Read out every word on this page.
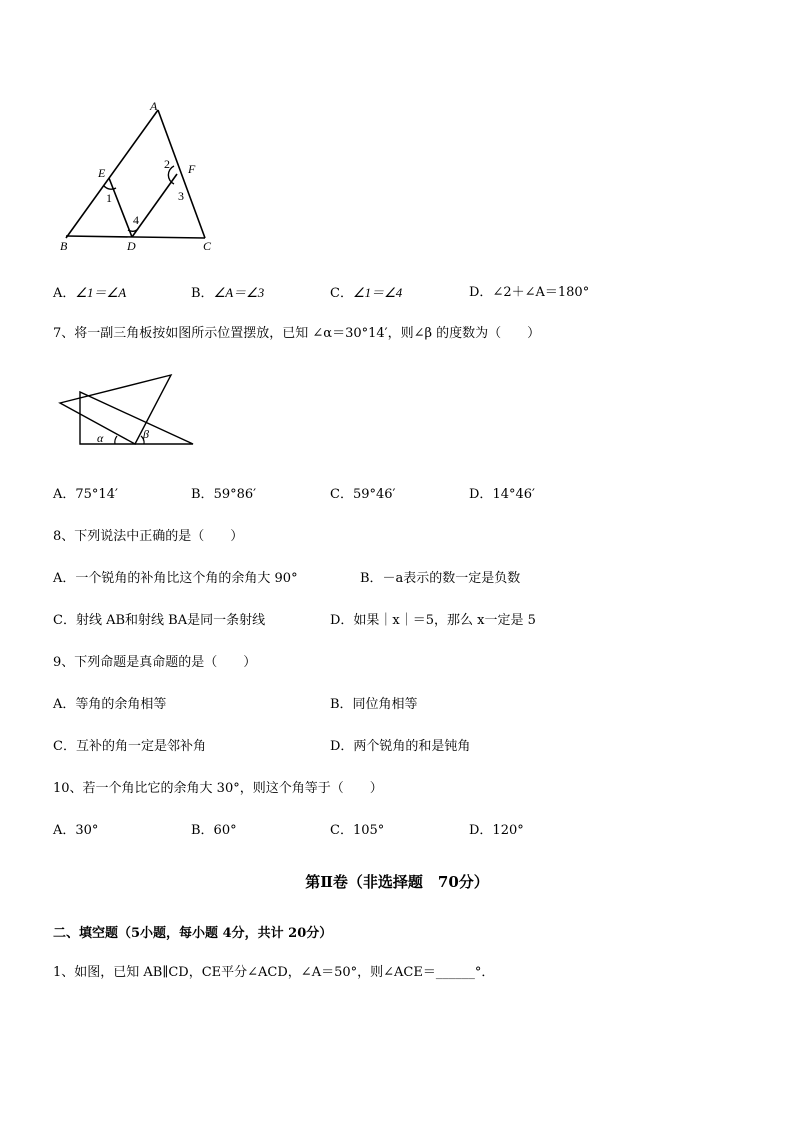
A
E	F
B	D	C
1
2
3
4
A．∠1＝∠A	B．∠A＝∠3	C．∠1＝∠4	D．∠2＋∠A＝180°
7、将一副三角板按如图所示位置摆放，已知 ∠α＝30°14′，则∠β 的度数为（　　）
α	β
A．75°14′	B．59°86′	C．59°46′	D．14°46′
8、下列说法中正确的是（　　）
A．一个锐角的补角比这个角的余角大 90°	B．－a表示的数一定是负数
C．射线 AB和射线 BA是同一条射线	D．如果｜x｜＝5，那么 x一定是 5
9、下列命题是真命题的是（　　）
A．等角的余角相等	B．同位角相等
C．互补的角一定是邻补角	D．两个锐角的和是钝角
10、若一个角比它的余角大 30°，则这个角等于（　　）
A．30°	B．60°	C．105°	D．120°
第Ⅱ卷（非选择题　70分）
二、填空题（5小题，每小题 4分，共计 20分）
1、如图，已知 AB∥CD，CE平分∠ACD，∠A＝50°，则∠ACE＝______°．
